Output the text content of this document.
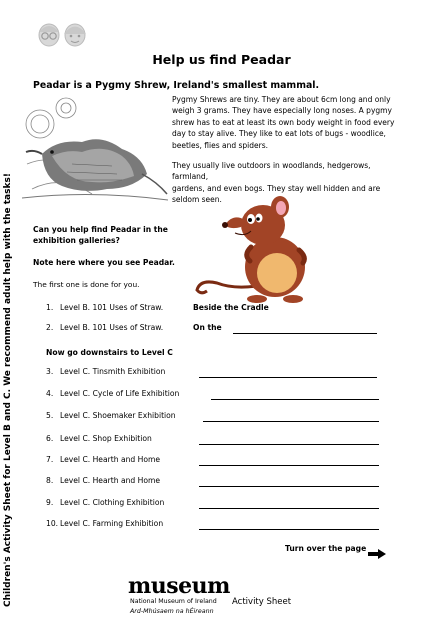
Help us find Peadar
Children's Activity Sheet for Level B and C. We recommend adult help with the tasks!
Peadar is a Pygmy Shrew, Ireland's smallest mammal.
Pygmy Shrews are tiny. They are about 6cm long and only
weigh 3 grams. They have especially long noses. A pygmy
shrew has to eat at least its own body weight in food every
day to stay alive. They like to eat lots of bugs - woodlice,
beetles, flies and spiders.
They usually live outdoors in woodlands, hedgerows, farmland,
gardens, and even bogs. They stay well hidden and are
seldom seen.
Can you help find Peadar in the
exhibition galleries?
Note here where you see Peadar.
The first one is done for you.
1. Level B. 101 Uses of Straw.	Beside the Cradle
2. Level B. 101 Uses of Straw.	On the
Now go downstairs to Level C
3. Level C. Tinsmith Exhibition
4. Level C. Cycle of Life Exhibition
5. Level C. Shoemaker Exhibition
6. Level C. Shop Exhibition
7. Level C. Hearth and Home
8. Level C. Hearth and Home
9. Level C. Clothing Exhibition
10. Level C. Farming Exhibition
Turn over the page
museum
National Museum of Ireland
Ard-Mhúsaem na hÉireann
Activity Sheet
